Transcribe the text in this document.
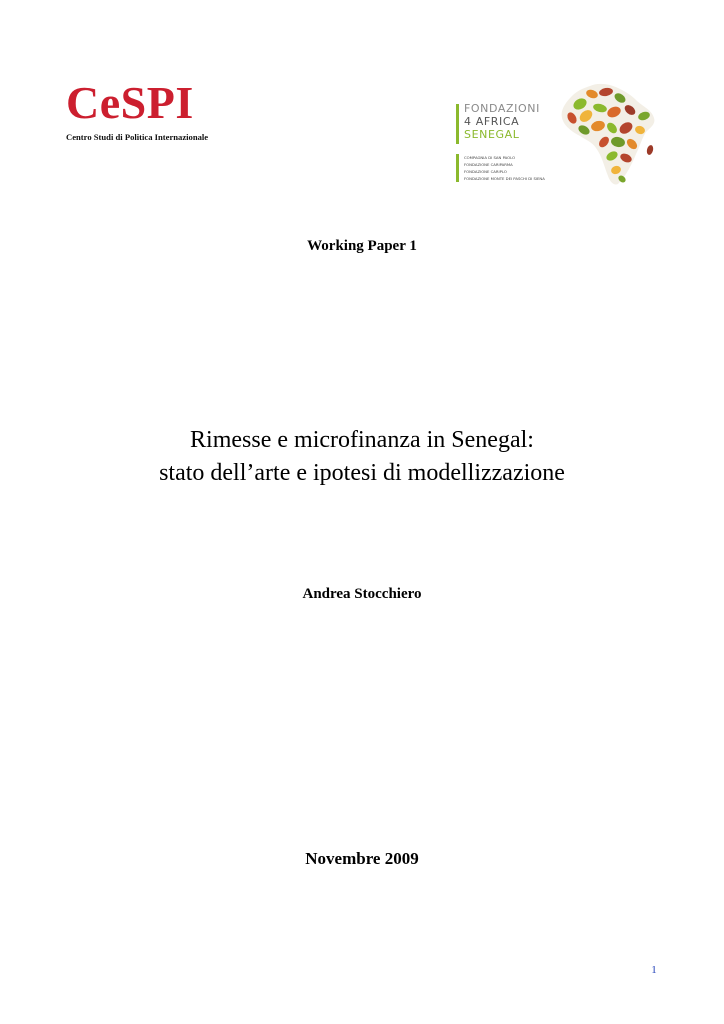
CeSPI
Centro Studi di Politica Internazionale
FONDAZIONI
4 AFRICA
SENEGAL
COMPAGNIA DI SAN PAOLO
FONDAZIONE CARIPARMA
FONDAZIONE CARIPLO
FONDAZIONE MONTE DEI PASCHI DI SIENA
Working Paper 1
Rimesse e microfinanza in Senegal:
stato dell’arte e ipotesi di modellizzazione
Andrea Stocchiero
Novembre 2009
1
